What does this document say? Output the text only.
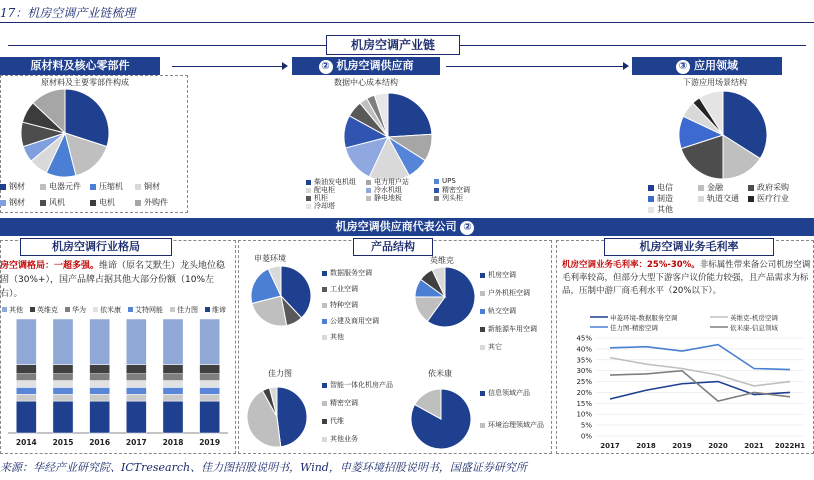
17：机房空调产业链梳理
机房空调产业链
原材料及核心零部件
原材料及主要零部件构成
钢材	电器元件	压缩机	铜材
钢材	风机	电机	外购件
② 机房空调供应商
数据中心成本结构
柴油发电机组	电力用户站	UPS
配电柜	冷水机组	精密空调
机柜	静电地板	列头柜
冷却塔
③ 应用领域
下游应用场景结构
电信	金融	政府采购
制造	轨道交通	医疗行业
其他
机房空调供应商代表公司 ②
机房空调行业格局
房空调格局：一超多强。维谛（原名艾默生）龙头地位稳固（30%+），国产品牌占据其他大部分份额（10%左右）。
其他 英维克 华为 依米康 艾特网能 佳力图 维谛
2014 2015 2016 2017 2018 2019
产品结构
申菱环境
数据服务空调
工业空调
特种空调
公建及商用空调
其他
英维克
机房空调
户外机柜空调
轨交空调
新能源车用空调
其它
佳力图
智能一体化机房产品
精密空调
代维
其他业务
依米康
信息领域产品
环境治理领域产品
机房空调业务毛利率
机房空调业务毛利率：25%-30%。非标属性带来备公司机房空调毛利率较高，但部分大型下游客户议价能力较强，且产品需求为标品，压制中游厂商毛利水平（20%以下）。
申菱环境-数据服务空调	英维克-机房空调
佳力图-精密空调	依米康-信息领域
0%
5%
10%
15%
20%
25%
30%
35%
40%
45%
2017 2018 2019 2020 2021 2022H1
来源：华经产业研究院、ICTresearch、佳力图招股说明书，Wind，申菱环境招股说明书，国盛证券研究所
